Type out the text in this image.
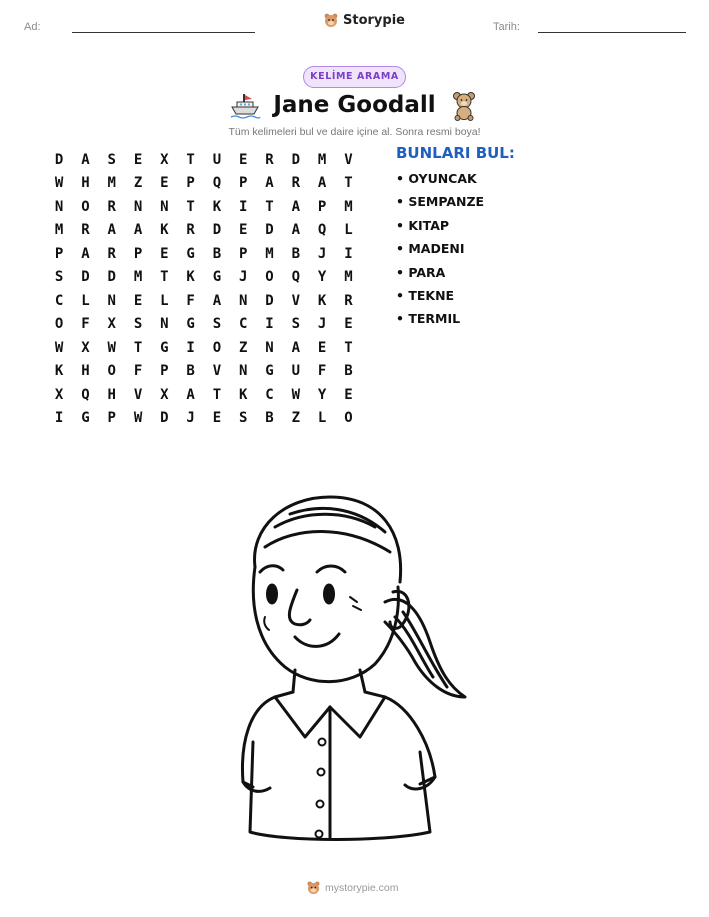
Ad:	Storypie	Tarih:
KELİME ARAMA
Jane Goodall
Tüm kelimeleri bul ve daire içine al. Sonra resmi boya!
D	A	S	E	X	T	U	E	R	D	M	V
W	H	M	Z	E	P	Q	P	A	R	A	T
N	O	R	N	N	T	K	I	T	A	P	M
M	R	A	A	K	R	D	E	D	A	Q	L
P	A	R	P	E	G	B	P	M	B	J	I
S	D	D	M	T	K	G	J	O	Q	Y	M
C	L	N	E	L	F	A	N	D	V	K	R
O	F	X	S	N	G	S	C	I	S	J	E
W	X	W	T	G	I	O	Z	N	A	E	T
K	H	O	F	P	B	V	N	G	U	F	B
X	Q	H	V	X	A	T	K	C	W	Y	E
I	G	P	W	D	J	E	S	B	Z	L	O
BUNLARI BUL:
• OYUNCAK
• SEMPANZE
• KITAP
• MADENI
• PARA
• TEKNE
• TERMIL
mystorypie.com
